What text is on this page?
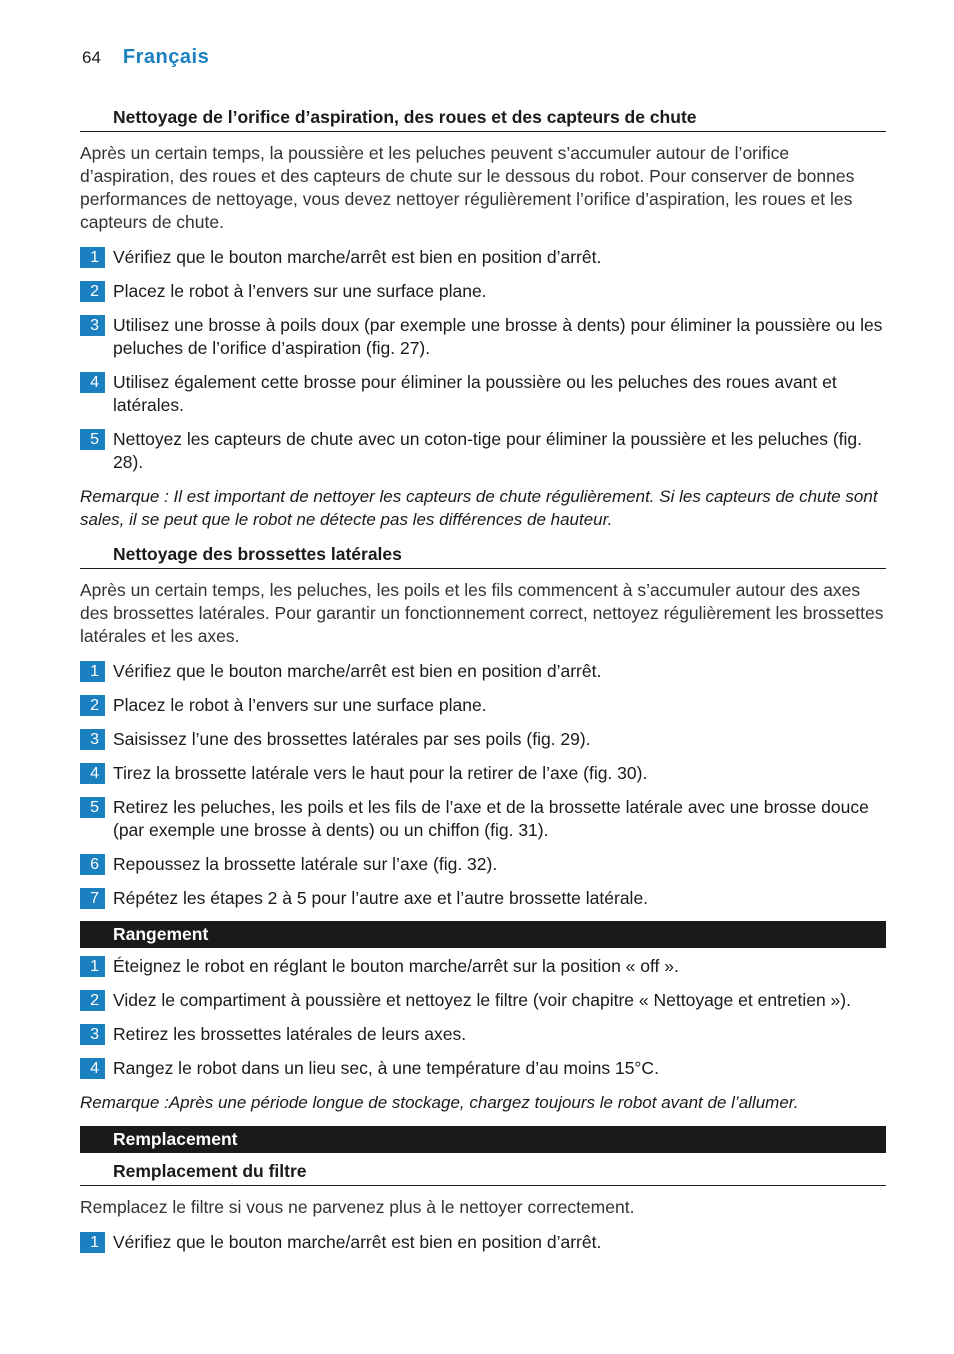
64 Français
Nettoyage de l’orifice d’aspiration, des roues et des capteurs de chute

Après un certain temps, la poussière et les peluches peuvent s’accumuler autour de l’orifice d’aspiration, des roues et des capteurs de chute sur le dessous du robot. Pour conserver de bonnes performances de nettoyage, vous devez nettoyer régulièrement l’orifice d’aspiration, les roues et les capteurs de chute.

1 Vérifiez que le bouton marche/arrêt est bien en position d’arrêt.
2 Placez le robot à l’envers sur une surface plane.
3 Utilisez une brosse à poils doux (par exemple une brosse à dents) pour éliminer la poussière ou les peluches de l’orifice d’aspiration (fig. 27).
4 Utilisez également cette brosse pour éliminer la poussière ou les peluches des roues avant et latérales.
5 Nettoyez les capteurs de chute avec un coton-tige pour éliminer la poussière et les peluches (fig. 28).

Remarque : Il est important de nettoyer les capteurs de chute régulièrement. Si les capteurs de chute sont sales, il se peut que le robot ne détecte pas les différences de hauteur.

Nettoyage des brossettes latérales

Après un certain temps, les peluches, les poils et les fils commencent à s’accumuler autour des axes des brossettes latérales. Pour garantir un fonctionnement correct, nettoyez régulièrement les brossettes latérales et les axes.

1 Vérifiez que le bouton marche/arrêt est bien en position d’arrêt.
2 Placez le robot à l’envers sur une surface plane.
3 Saisissez l’une des brossettes latérales par ses poils (fig. 29).
4 Tirez la brossette latérale vers le haut pour la retirer de l’axe (fig. 30).
5 Retirez les peluches, les poils et les fils de l’axe et de la brossette latérale avec une brosse douce (par exemple une brosse à dents) ou un chiffon (fig. 31).
6 Repoussez la brossette latérale sur l’axe (fig. 32).
7 Répétez les étapes 2 à 5 pour l’autre axe et l’autre brossette latérale.
Rangement
1 Éteignez le robot en réglant le bouton marche/arrêt sur la position « off ».
2 Videz le compartiment à poussière et nettoyez le filtre (voir chapitre « Nettoyage et entretien »).
3 Retirez les brossettes latérales de leurs axes.
4 Rangez le robot dans un lieu sec, à une température d’au moins 15°C.

Remarque :Après une période longue de stockage, chargez toujours le robot avant de l’allumer.

Remplacement
Remplacement du filtre

Remplacez le filtre si vous ne parvenez plus à le nettoyer correctement.

1 Vérifiez que le bouton marche/arrêt est bien en position d’arrêt.
